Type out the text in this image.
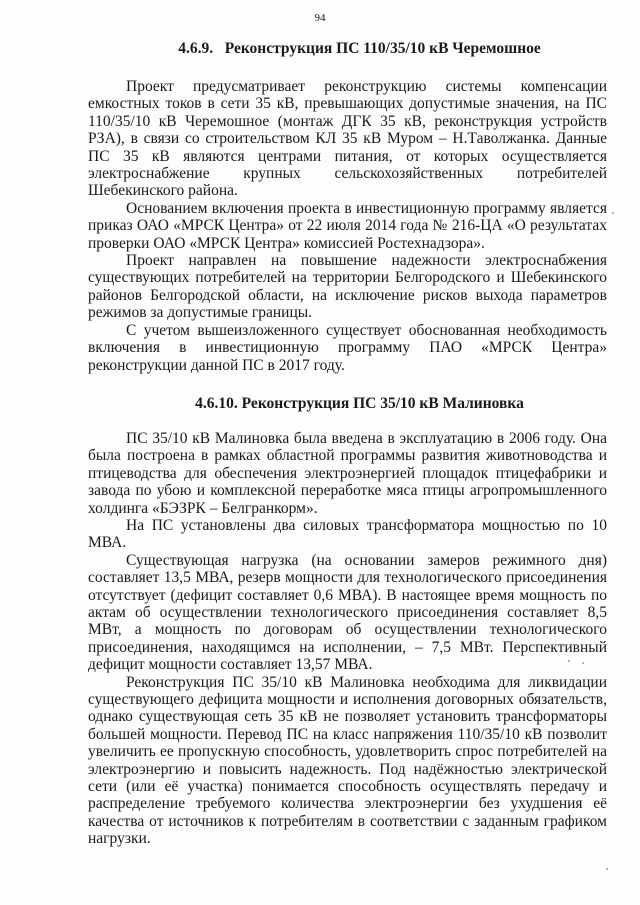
94
4.6.9.   Реконструкция ПС 110/35/10 кВ Черемошное

Проект предусматривает реконструкцию системы компенсации емкостных токов в сети 35 кВ, превышающих допустимые значения, на ПС 110/35/10 кВ Черемошное (монтаж ДГК 35 кВ, реконструкция устройств РЗА), в связи со строительством КЛ 35 кВ Муром – Н.Таволжанка. Данные ПС 35 кВ являются центрами питания, от которых осуществляется электроснабжение крупных сельскохозяйственных потребителей Шебекинского района.

Основанием включения проекта в инвестиционную программу является приказ ОАО «МРСК Центра» от 22 июля 2014 года № 216-ЦА «О результатах проверки ОАО «МРСК Центра» комиссией Ростехнадзора».

Проект направлен на повышение надежности электроснабжения существующих потребителей на территории Белгородского и Шебекинского районов Белгородской области, на исключение рисков выхода параметров режимов за допустимые границы.

С учетом вышеизложенного существует обоснованная необходимость включения в инвестиционную программу ПАО «МРСК Центра» реконструкции данной ПС в 2017 году.

4.6.10. Реконструкция ПС 35/10 кВ Малиновка

ПС 35/10 кВ Малиновка была введена в эксплуатацию в 2006 году. Она была построена в рамках областной программы развития животноводства и птицеводства для обеспечения электроэнергией площадок птицефабрики и завода по убою и комплексной переработке мяса птицы агропромышленного холдинга «БЭЗРК – Белгранкорм».

На ПС установлены два силовых трансформатора мощностью по 10 МВА.

Существующая нагрузка (на основании замеров режимного дня) составляет 13,5 МВА, резерв мощности для технологического присоединения отсутствует (дефицит составляет 0,6 МВА). В настоящее время мощность по актам об осуществлении технологического присоединения составляет 8,5 МВт, а мощность по договорам об осуществлении технологического присоединения, находящимся на исполнении, – 7,5 МВт. Перспективный дефицит мощности составляет 13,57 МВА.

Реконструкция ПС 35/10 кВ Малиновка необходима для ликвидации существующего дефицита мощности и исполнения договорных обязательств, однако существующая сеть 35 кВ не позволяет установить трансформаторы большей мощности. Перевод ПС на класс напряжения 110/35/10 кВ позволит увеличить ее пропускную способность, удовлетворить спрос потребителей на электроэнергию и повысить надежность. Под надёжностью электрической сети (или её участка) понимается способность осуществлять передачу и распределение требуемого количества электроэнергии без ухудшения её качества от источников к потребителям в соответствии с заданным графиком нагрузки.
